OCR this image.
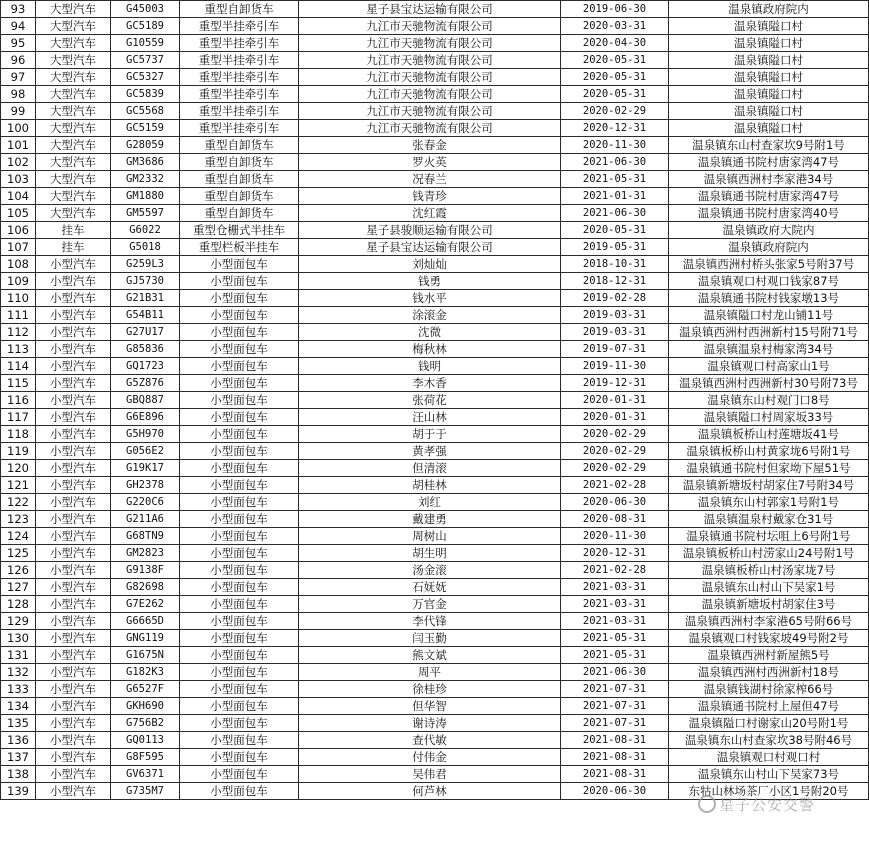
93	大型汽车	G45003	重型自卸货车	星子县宝达运输有限公司	2019-06-30	温泉镇政府院内
94	大型汽车	GC5189	重型半挂牵引车	九江市天驰物流有限公司	2020-03-31	温泉镇隘口村
95	大型汽车	G10559	重型半挂牵引车	九江市天驰物流有限公司	2020-04-30	温泉镇隘口村
96	大型汽车	GC5737	重型半挂牵引车	九江市天驰物流有限公司	2020-05-31	温泉镇隘口村
97	大型汽车	GC5327	重型半挂牵引车	九江市天驰物流有限公司	2020-05-31	温泉镇隘口村
98	大型汽车	GC5839	重型半挂牵引车	九江市天驰物流有限公司	2020-05-31	温泉镇隘口村
99	大型汽车	GC5568	重型半挂牵引车	九江市天驰物流有限公司	2020-02-29	温泉镇隘口村
100	大型汽车	GC5159	重型半挂牵引车	九江市天驰物流有限公司	2020-12-31	温泉镇隘口村
101	大型汽车	G28059	重型自卸货车	张春金	2020-11-30	温泉镇东山村查家坎9号附1号
102	大型汽车	GM3686	重型自卸货车	罗火英	2021-06-30	温泉镇通书院村唐家湾47号
103	大型汽车	GM2332	重型自卸货车	况春兰	2021-05-31	温泉镇西洲村李家港34号
104	大型汽车	GM1880	重型自卸货车	钱青珍	2021-01-31	温泉镇通书院村唐家湾47号
105	大型汽车	GM5597	重型自卸货车	沈红霞	2021-06-30	温泉镇通书院村唐家湾40号
106	挂车	G6022	重型仓栅式半挂车	星子县骏顺运输有限公司	2020-05-31	温泉镇政府大院内
107	挂车	G5018	重型栏板半挂车	星子县宝达运输有限公司	2019-05-31	温泉镇政府院内
108	小型汽车	G259L3	小型面包车	刘灿灿	2018-10-31	温泉镇西洲村桥头张家5号附37号
109	小型汽车	GJ5730	小型面包车	钱勇	2018-12-31	温泉镇观口村观口钱家87号
110	小型汽车	G21B31	小型面包车	钱水平	2019-02-28	温泉镇通书院村钱家墩13号
111	小型汽车	G54B11	小型面包车	涂滚金	2019-03-31	温泉镇隘口村龙山铺11号
112	小型汽车	G27U17	小型面包车	沈微	2019-03-31	温泉镇西洲村西洲新村15号附71号
113	小型汽车	G85836	小型面包车	梅秋林	2019-07-31	温泉镇温泉村梅家湾34号
114	小型汽车	GQ1723	小型面包车	钱明	2019-11-30	温泉镇观口村高家山1号
115	小型汽车	G5Z876	小型面包车	李木香	2019-12-31	温泉镇西洲村西洲新村30号附73号
116	小型汽车	GBQ887	小型面包车	张荷花	2020-01-31	温泉镇东山村观门口8号
117	小型汽车	G6E896	小型面包车	汪山林	2020-01-31	温泉镇隘口村周家坂33号
118	小型汽车	G5H970	小型面包车	胡于于	2020-02-29	温泉镇板桥山村莲塘坂41号
119	小型汽车	G056E2	小型面包车	黄孝强	2020-02-29	温泉镇板桥山村黄家垅6号附1号
120	小型汽车	G19K17	小型面包车	但清滚	2020-02-29	温泉镇通书院村但家坳下屋51号
121	小型汽车	GH2378	小型面包车	胡桂林	2021-02-28	温泉镇新塘坂村胡家住7号附34号
122	小型汽车	G220C6	小型面包车	刘红	2020-06-30	温泉镇东山村郭家1号附1号
123	小型汽车	G211A6	小型面包车	戴建勇	2020-08-31	温泉镇温泉村戴家仓31号
124	小型汽车	G68TN9	小型面包车	周树山	2020-11-30	温泉镇通书院村坛咀上6号附1号
125	小型汽车	GM2823	小型面包车	胡生明	2020-12-31	温泉镇板桥山村涝家山24号附1号
126	小型汽车	G9138F	小型面包车	汤金滚	2021-02-28	温泉镇板桥山村汤家垅7号
127	小型汽车	G82698	小型面包车	石妩妩	2021-03-31	温泉镇东山村山下吴家1号
128	小型汽车	G7E262	小型面包车	万官金	2021-03-31	温泉镇新塘坂村胡家住3号
129	小型汽车	G6665D	小型面包车	李代锋	2021-03-31	温泉镇西洲村李家港65号附66号
130	小型汽车	GNG119	小型面包车	闫玉勤	2021-05-31	温泉镇观口村钱家坡49号附2号
131	小型汽车	G1675N	小型面包车	熊文斌	2021-05-31	温泉镇西洲村新屋熊5号
132	小型汽车	G182K3	小型面包车	周平	2021-06-30	温泉镇西洲村西洲新村18号
133	小型汽车	G6527F	小型面包车	徐桂珍	2021-07-31	温泉镇钱湖村徐家榨66号
134	小型汽车	GKH690	小型面包车	但华智	2021-07-31	温泉镇通书院村上屋但47号
135	小型汽车	G756B2	小型面包车	谢诗涛	2021-07-31	温泉镇隘口村谢家山20号附1号
136	小型汽车	GQ0113	小型面包车	查代敏	2021-08-31	温泉镇东山村查家坎38号附46号
137	小型汽车	G8F595	小型面包车	付伟金	2021-08-31	温泉镇观口村观口村
138	小型汽车	GV6371	小型面包车	吴伟君	2021-08-31	温泉镇东山村山下吴家73号
139	小型汽车	G735M7	小型面包车	何芦林	2020-06-30	东牯山林场茶厂小区1号附20号
星子公安交警
